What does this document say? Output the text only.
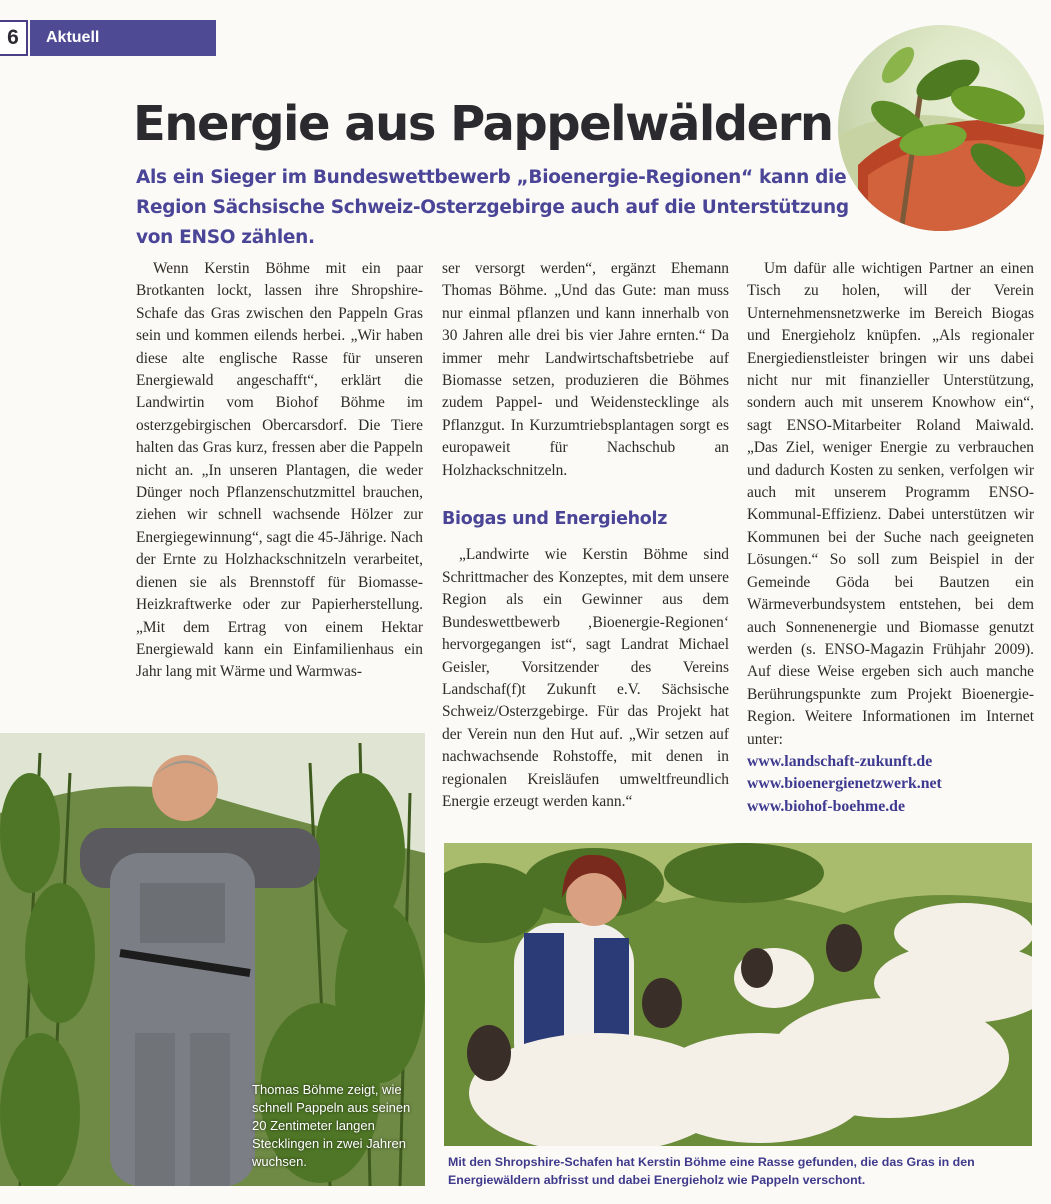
6	Aktuell
Energie aus Pappelwäldern

Als ein Sieger im Bundeswettbewerb „Bioenergie-Regionen“ kann die Region Sächsische Schweiz-Osterzgebirge auch auf die Unterstützung von ENSO zählen.

Wenn Kerstin Böhme mit ein paar Brotkanten lockt, lassen ihre Shropshire-Schafe das Gras zwischen den Pappeln Gras sein und kommen eilends herbei. „Wir haben diese alte englische Rasse für unseren Energiewald angeschafft“, erklärt die Landwirtin vom Biohof Böhme im osterzgebirgischen Obercarsdorf. Die Tiere halten das Gras kurz, fressen aber die Pappeln nicht an. „In unseren Plantagen, die weder Dünger noch Pflanzenschutzmittel brauchen, ziehen wir schnell wachsende Hölzer zur Energiegewinnung“, sagt die 45-Jährige. Nach der Ernte zu Holzhackschnitzeln verarbeitet, dienen sie als Brennstoff für Biomasse-Heizkraftwerke oder zur Papierherstellung. „Mit dem Ertrag von einem Hektar Energiewald kann ein Einfamilienhaus ein Jahr lang mit Wärme und Warmwas-

ser versorgt werden“, ergänzt Ehemann Thomas Böhme. „Und das Gute: man muss nur einmal pflanzen und kann innerhalb von 30 Jahren alle drei bis vier Jahre ernten.“ Da immer mehr Landwirtschaftsbetriebe auf Biomasse setzen, produzieren die Böhmes zudem Pappel- und Weidenstecklinge als Pflanzgut. In Kurzumtriebsplantagen sorgt es europaweit für Nachschub an Holzhackschnitzeln.

Biogas und Energieholz

„Landwirte wie Kerstin Böhme sind Schrittmacher des Konzeptes, mit dem unsere Region als ein Gewinner aus dem Bundeswettbewerb ‚Bioenergie-Regionen‘ hervorgegangen ist“, sagt Landrat Michael Geisler, Vorsitzender des Vereins Landschaf(f)t Zukunft e.V. Sächsische Schweiz/Osterzgebirge. Für das Projekt hat der Verein nun den Hut auf. „Wir setzen auf nachwachsende Rohstoffe, mit denen in regionalen Kreisläufen umweltfreundlich Energie erzeugt werden kann.“

Um dafür alle wichtigen Partner an einen Tisch zu holen, will der Verein Unternehmensnetzwerke im Bereich Biogas und Energieholz knüpfen. „Als regionaler Energiedienstleister bringen wir uns dabei nicht nur mit finanzieller Unterstützung, sondern auch mit unserem Knowhow ein“, sagt ENSO-Mitarbeiter Roland Maiwald. „Das Ziel, weniger Energie zu verbrauchen und dadurch Kosten zu senken, verfolgen wir auch mit unserem Programm ENSO-Kommunal-Effizienz. Dabei unterstützen wir Kommunen bei der Suche nach geeigneten Lösungen.“ So soll zum Beispiel in der Gemeinde Göda bei Bautzen ein Wärmeverbundsystem entstehen, bei dem auch Sonnenenergie und Biomasse genutzt werden (s. ENSO-Magazin Frühjahr 2009). Auf diese Weise ergeben sich auch manche Berührungspunkte zum Projekt Bioenergie-Region. Weitere Informationen im Internet unter:

www.landschaft-zukunft.de
www.bioenergienetzwerk.net
www.biohof-boehme.de

Thomas Böhme zeigt, wie schnell Pappeln aus seinen 20 Zentimeter langen Stecklingen in zwei Jahren wuchsen.	Mit den Shropshire-Schafen hat Kerstin Böhme eine Rasse gefunden, die das Gras in den Energiewäldern abfrisst und dabei Energieholz wie Pappeln verschont.
